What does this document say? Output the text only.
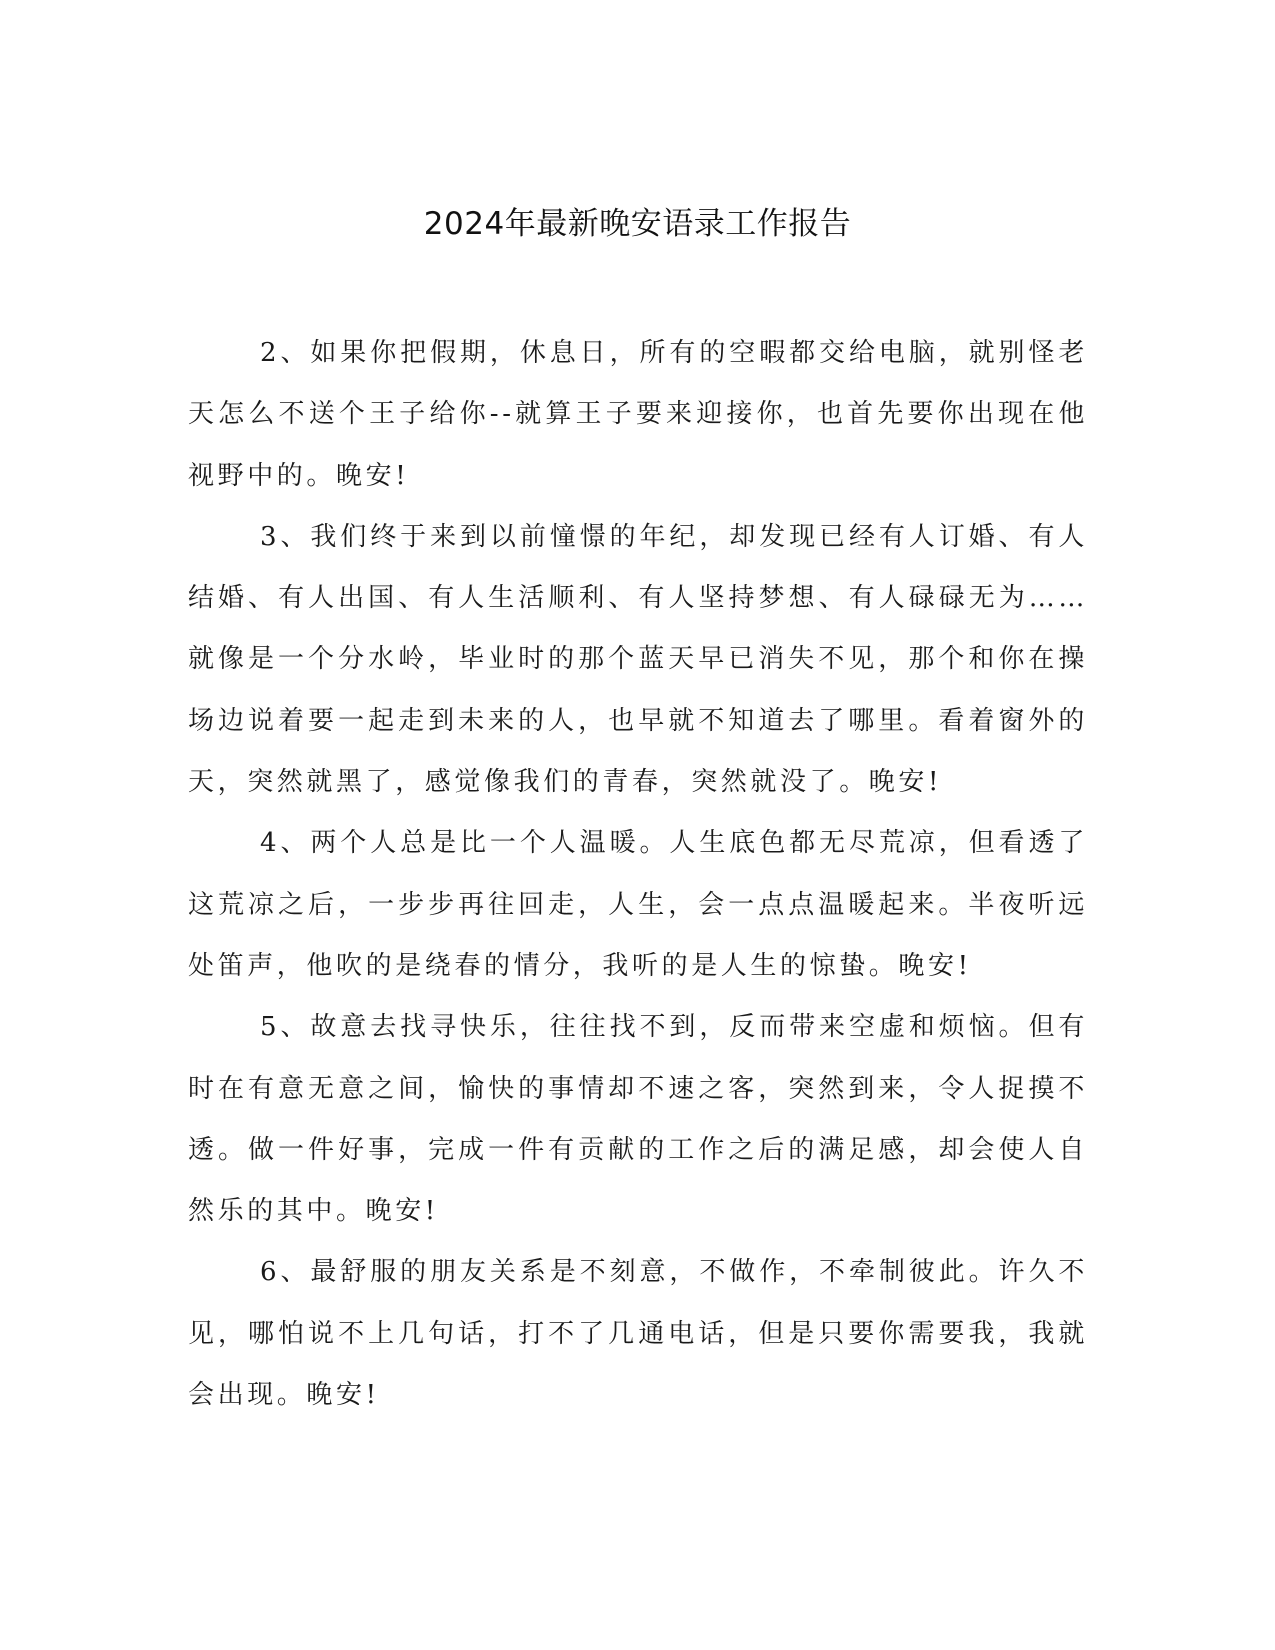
2024年最新晚安语录工作报告

2、如果你把假期，休息日，所有的空暇都交给电脑，就别怪老天怎么不送个王子给你--就算王子要来迎接你，也首先要你出现在他视野中的。晚安!

3、我们终于来到以前憧憬的年纪，却发现已经有人订婚、有人结婚、有人出国、有人生活顺利、有人坚持梦想、有人碌碌无为……就像是一个分水岭，毕业时的那个蓝天早已消失不见，那个和你在操场边说着要一起走到未来的人，也早就不知道去了哪里。看着窗外的天，突然就黑了，感觉像我们的青春，突然就没了。晚安!

4、两个人总是比一个人温暖。人生底色都无尽荒凉，但看透了这荒凉之后，一步步再往回走，人生，会一点点温暖起来。半夜听远处笛声，他吹的是绕春的情分，我听的是人生的惊蛰。晚安!

5、故意去找寻快乐，往往找不到，反而带来空虚和烦恼。但有时在有意无意之间，愉快的事情却不速之客，突然到来，令人捉摸不透。做一件好事，完成一件有贡献的工作之后的满足感，却会使人自然乐的其中。晚安!

6、最舒服的朋友关系是不刻意，不做作，不牵制彼此。许久不见，哪怕说不上几句话，打不了几通电话，但是只要你需要我，我就会出现。晚安!
